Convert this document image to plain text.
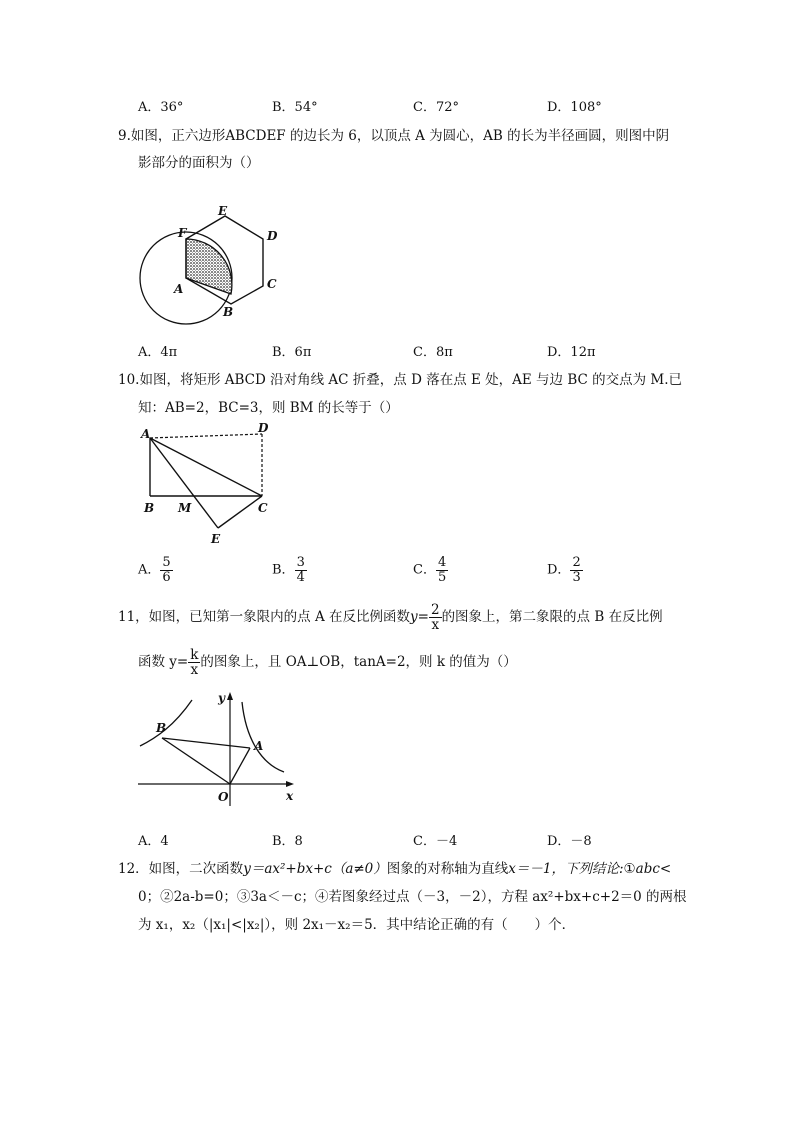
A．36°	B．54°	C．72°	D．108°
9.如图，正六边形ABCDEF 的边长为 6，以顶点 A 为圆心，AB 的长为半径画圆，则图中阴
影部分的面积为（）
E
F	D
A	C
B
A．4π	B．6π	C．8π	D．12π
10.如图，将矩形 ABCD 沿对角线 AC 折叠，点 D 落在点 E 处，AE 与边 BC 的交点为 M.已
知：AB=2，BC=3，则 BM 的长等于（）
A	D
B M	C
E
A． $\frac{5}{6}$	B． $\frac{3}{4}$	C． $\frac{4}{5}$	D． $\frac{2}{3}$
11，如图，已知第一象限内的点 A 在反比例函数$y= \frac{2}{x}$ 的图象上，第二象限的点 B 在反比例
函数 $y= \frac{k}{x}$ 的图象上，且 OA⊥OB，tanA=2，则 k 的值为（）
y
B
A
O	x
A．4	B．8	C．－4	D．－8
12．如图，二次函数y＝ax²+bx+c（a≠0）图象的对称轴为直线x＝－1，下列结论:①abc<
0；②2a-b=0；③3a＜－c；④若图象经过点（－3，－2），方程 ax²+bx+c+2＝0 的两根
为 x₁，x₂（|x₁|<|x₂|），则 2x₁－x₂＝5．其中结论正确的有（　　）个．
